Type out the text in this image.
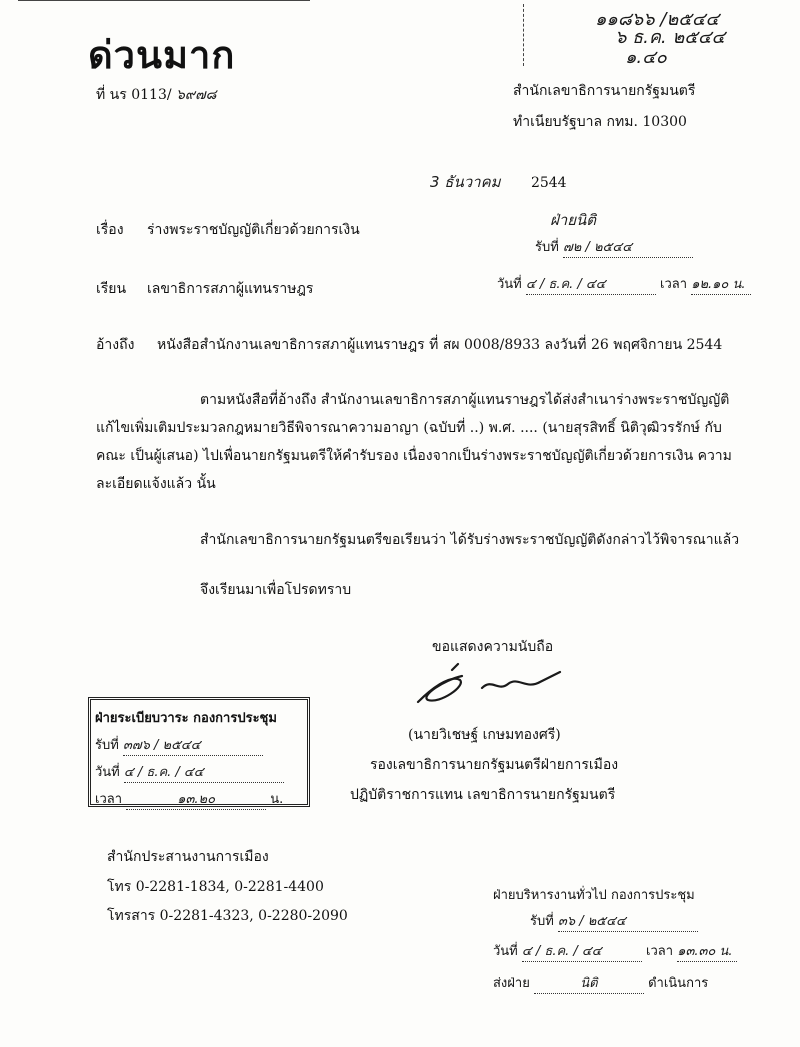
๑๑๘๖๖ /๒๕๔๔
๖ ธ.ค. ๒๕๔๔
๑.๔๐
ด่วนมาก
ที่ นร 0113/ ๖๙๗๘	สำนักเลขาธิการนายกรัฐมนตรี
ทำเนียบรัฐบาล กทม. 10300
3 ธันวาคม 2544
เรื่อง ร่างพระราชบัญญัติเกี่ยวด้วยการเงิน
เรียน เลขาธิการสภาผู้แทนราษฎร
ฝ่ายนิติ
รับที่ ๗๒ / ๒๕๔๔
วันที่ ๔ / ธ.ค. / ๔๔	เวลา ๑๒.๑๐ น.
อ้างถึง หนังสือสำนักงานเลขาธิการสภาผู้แทนราษฎร ที่ สผ 0008/8933 ลงวันที่ 26 พฤศจิกายน 2544
ตามหนังสือที่อ้างถึง สำนักงานเลขาธิการสภาผู้แทนราษฎรได้ส่งสำเนาร่างพระราชบัญญัติแก้ไขเพิ่มเติมประมวลกฎหมายวิธีพิจารณาความอาญา (ฉบับที่ ..) พ.ศ. .... (นายสุรสิทธิ์ นิติวุฒิวรรักษ์ กับคณะ เป็นผู้เสนอ) ไปเพื่อนายกรัฐมนตรีให้คำรับรอง เนื่องจากเป็นร่างพระราชบัญญัติเกี่ยวด้วยการเงิน ความละเอียดแจ้งแล้ว นั้น
สำนักเลขาธิการนายกรัฐมนตรีขอเรียนว่า ได้รับร่างพระราชบัญญัติดังกล่าวไว้พิจารณาแล้ว
จึงเรียนมาเพื่อโปรดทราบ
ขอแสดงความนับถือ
(นายวิเชษฐ์ เกษมทองศรี)
รองเลขาธิการนายกรัฐมนตรีฝ่ายการเมือง
ปฏิบัติราชการแทน เลขาธิการนายกรัฐมนตรี
ฝ่ายระเบียบวาระ กองการประชุม
รับที่ ๓๗๖ / ๒๕๔๔
วันที่ ๔ / ธ.ค. / ๔๔
เวลา	๑๓.๒๐	น.
สำนักประสานงานการเมือง
โทร 0-2281-1834, 0-2281-4400
โทรสาร 0-2281-4323, 0-2280-2090
ฝ่ายบริหารงานทั่วไป กองการประชุม
รับที่ ๓๖ / ๒๕๔๔
วันที่ ๔ / ธ.ค. / ๔๔	เวลา ๑๓.๓๐ น.
ส่งฝ่าย	นิติ	ดำเนินการ
